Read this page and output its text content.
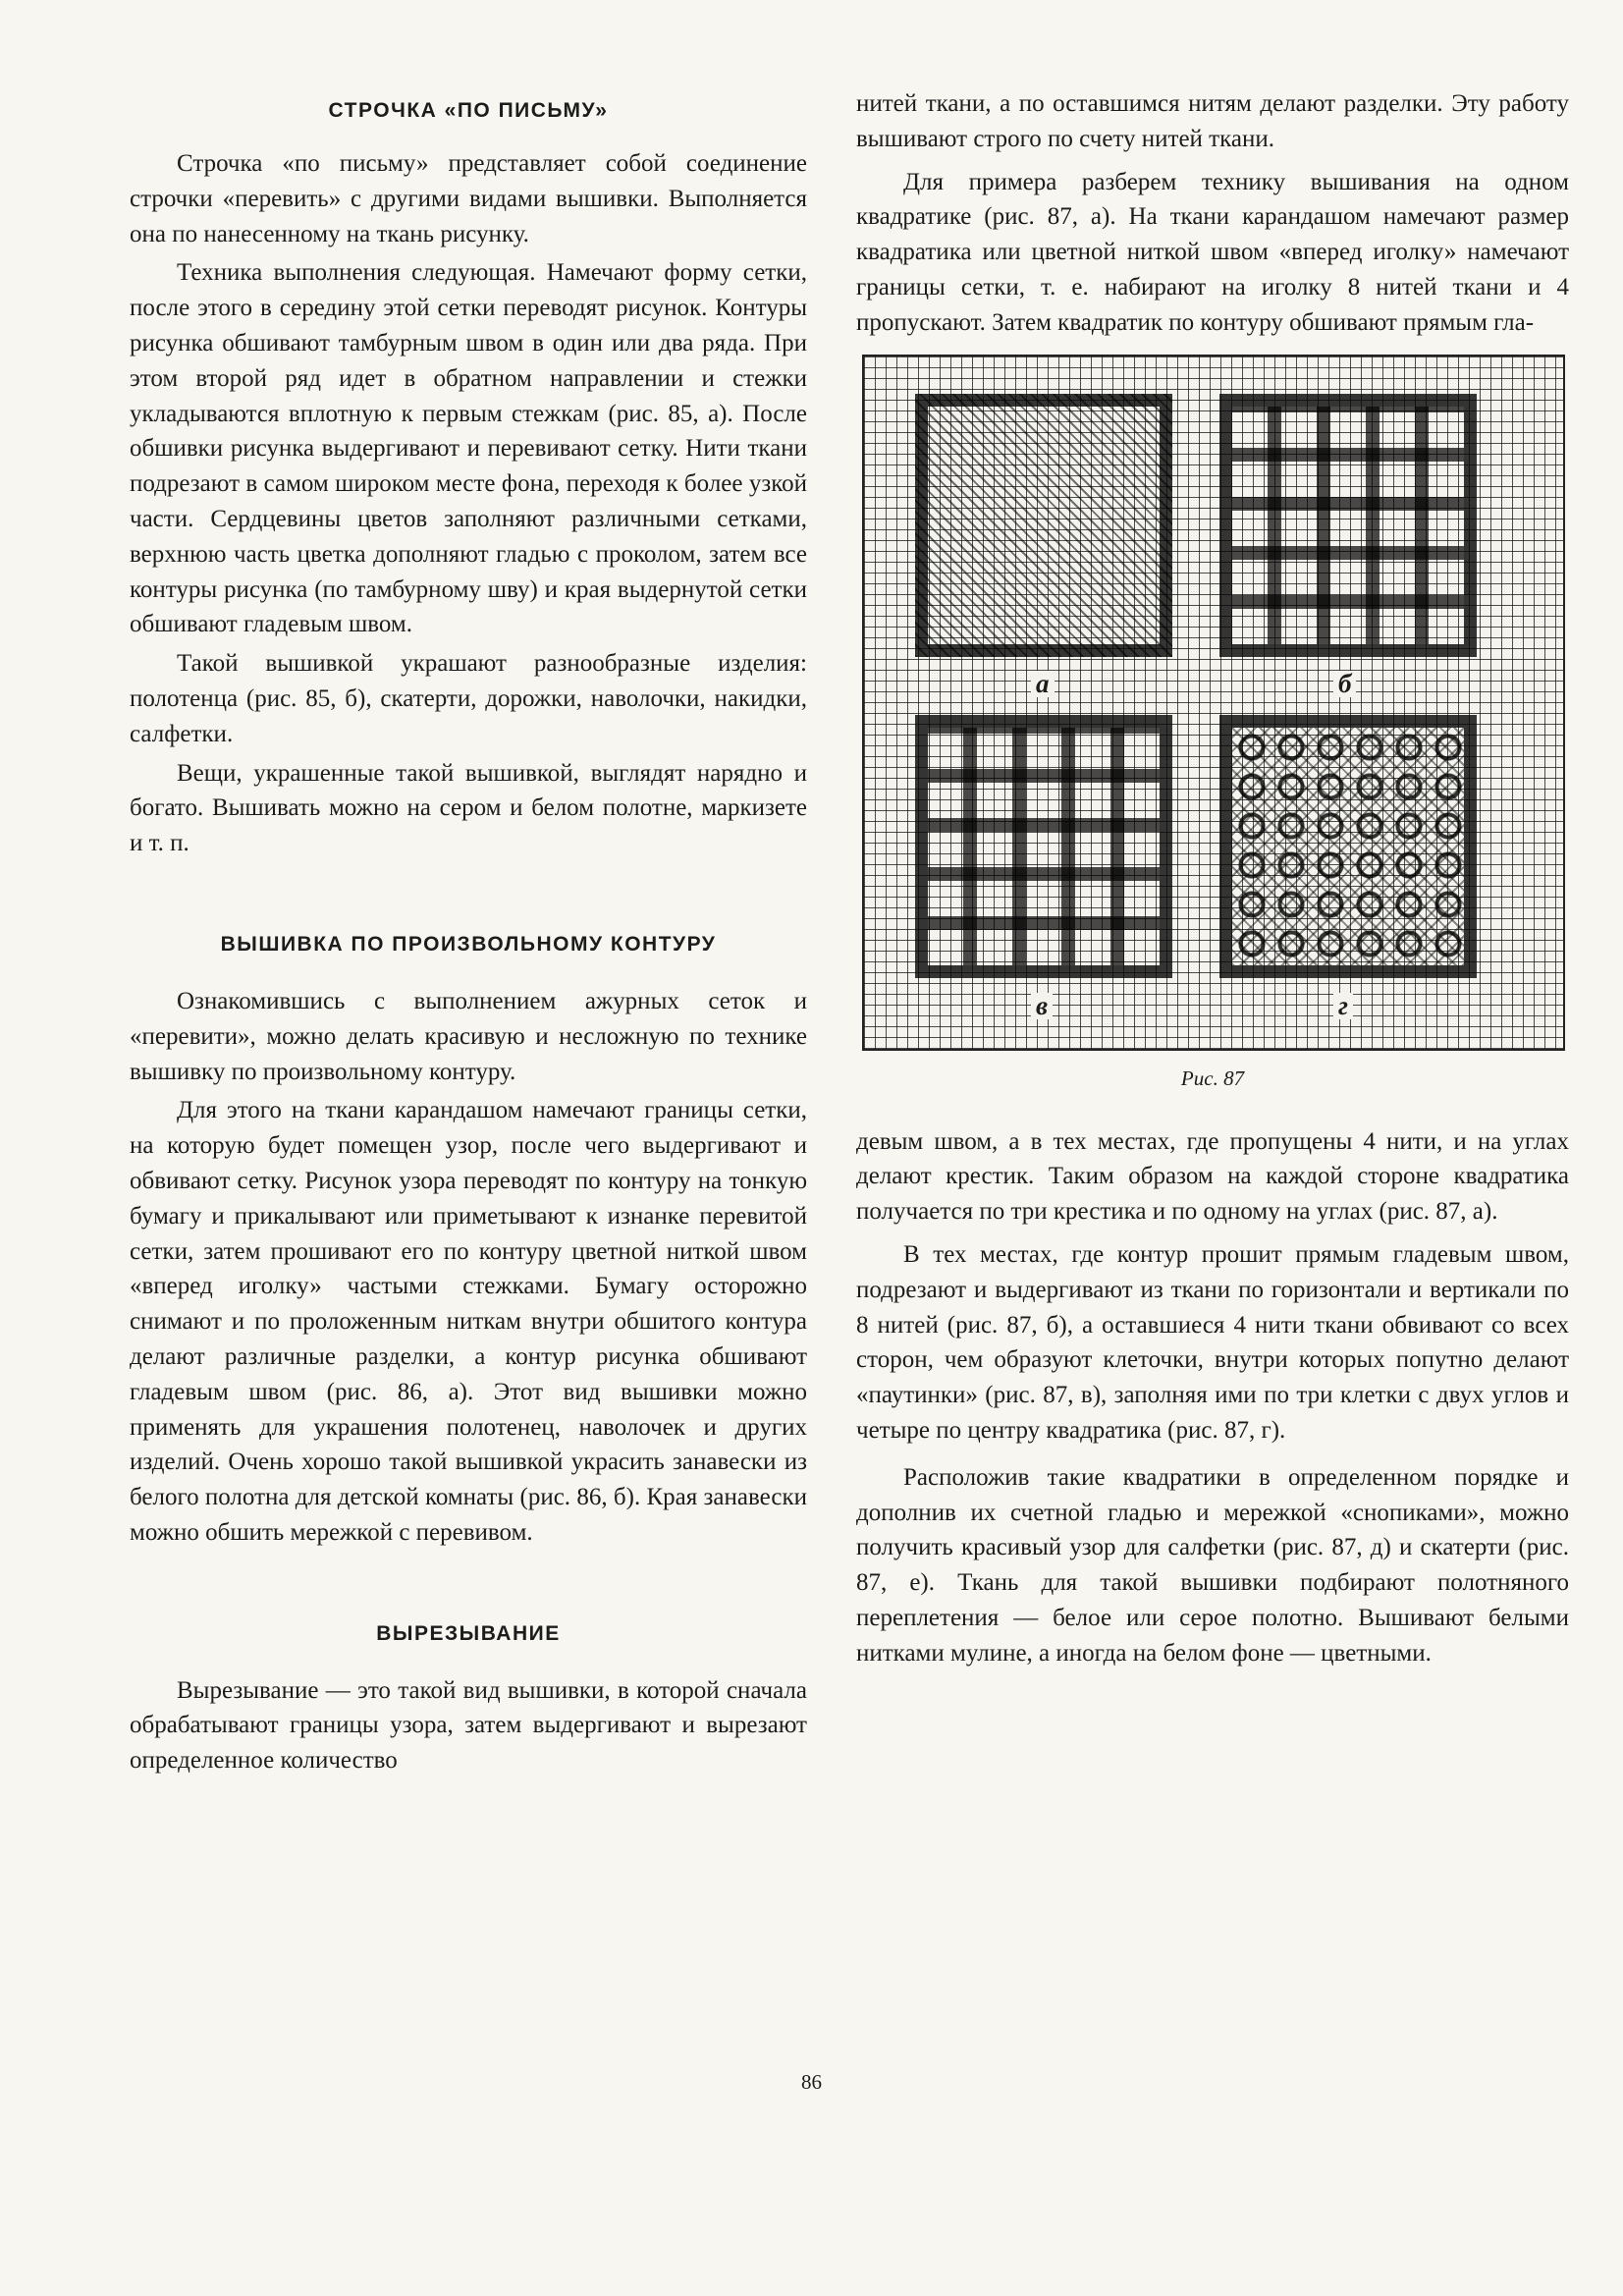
СТРОЧКА «ПО ПИСЬМУ»

Строчка «по письму» представляет собой соединение строчки «перевить» с другими видами вышивки. Выполняется она по нанесенному на ткань рисунку.

Техника выполнения следующая. Намечают форму сетки, после этого в середину этой сетки переводят рисунок. Контуры рисунка обшивают тамбурным швом в один или два ряда. При этом второй ряд идет в обратном направлении и стежки укладываются вплотную к первым стежкам (рис. 85, а). После обшивки рисунка выдергивают и перевивают сетку. Нити ткани подрезают в самом широком месте фона, переходя к более узкой части. Сердцевины цветов заполняют различными сетками, верхнюю часть цветка дополняют гладью с проколом, затем все контуры рисунка (по тамбурному шву) и края выдернутой сетки обшивают гладевым швом.

Такой вышивкой украшают разнообразные изделия: полотенца (рис. 85, б), скатерти, дорожки, наволочки, накидки, салфетки.

Вещи, украшенные такой вышивкой, выглядят нарядно и богато. Вышивать можно на сером и белом полотне, маркизете и т. п.

ВЫШИВКА ПО ПРОИЗВОЛЬНОМУ КОНТУРУ

Ознакомившись с выполнением ажурных сеток и «перевити», можно делать красивую и несложную по технике вышивку по произвольному контуру.

Для этого на ткани карандашом намечают границы сетки, на которую будет помещен узор, после чего выдергивают и обвивают сетку. Рисунок узора переводят по контуру на тонкую бумагу и прикалывают или приметывают к изнанке перевитой сетки, затем прошивают его по контуру цветной ниткой швом «вперед иголку» частыми стежками. Бумагу осторожно снимают и по проложенным ниткам внутри обшитого контура делают различные разделки, а контур рисунка обшивают гладевым швом (рис. 86, а). Этот вид вышивки можно применять для украшения полотенец, наволочек и других изделий. Очень хорошо такой вышивкой украсить занавески из белого полотна для детской комнаты (рис. 86, б). Края занавески можно обшить мережкой с перевивом.

ВЫРЕЗЫВАНИЕ

Вырезывание — это такой вид вышивки, в которой сначала обрабатывают границы узора, затем выдергивают и вырезают определенное количество

нитей ткани, а по оставшимся нитям делают разделки. Эту работу вышивают строго по счету нитей ткани.

Для примера разберем технику вышивания на одном квадратике (рис. 87, а). На ткани карандашом намечают размер квадратика или цветной ниткой швом «вперед иголку» намечают границы сетки, т. е. набирают на иголку 8 нитей ткани и 4 пропускают. Затем квадратик по контуру обшивают прямым гла-

а	б
в	г
Рис. 87

девым швом, а в тех местах, где пропущены 4 нити, и на углах делают крестик. Таким образом на каждой стороне квадратика получается по три крестика и по одному на углах (рис. 87, а).

В тех местах, где контур прошит прямым гладевым швом, подрезают и выдергивают из ткани по горизонтали и вертикали по 8 нитей (рис. 87, б), а оставшиеся 4 нити ткани обвивают со всех сторон, чем образуют клеточки, внутри которых попутно делают «паутинки» (рис. 87, в), заполняя ими по три клетки с двух углов и четыре по центру квадратика (рис. 87, г).

Расположив такие квадратики в определенном порядке и дополнив их счетной гладью и мережкой «снопиками», можно получить красивый узор для салфетки (рис. 87, д) и скатерти (рис. 87, е). Ткань для такой вышивки подбирают полотняного переплетения — белое или серое полотно. Вышивают белыми нитками мулине, а иногда на белом фоне — цветными.

86
